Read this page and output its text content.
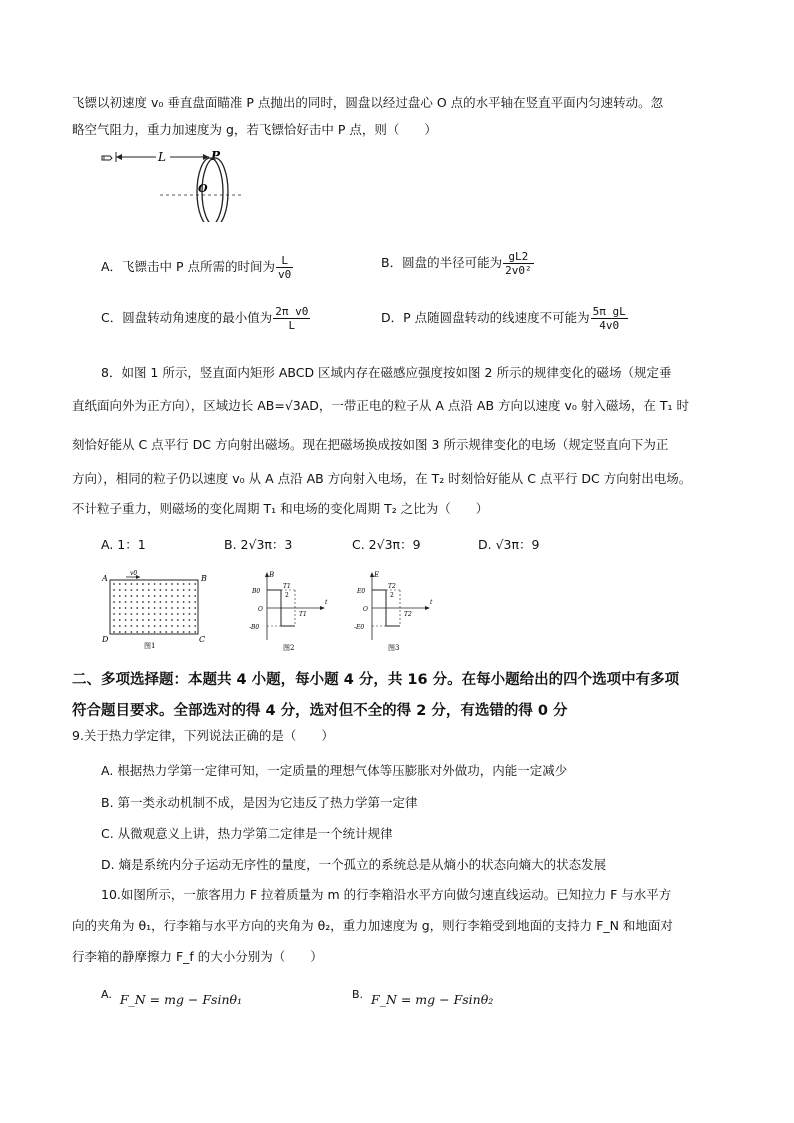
飞镖以初速度 v₀ 垂直盘面瞄准 P 点抛出的同时，圆盘以经过盘心 O 点的水平轴在竖直平面内匀速转动。忽
略空气阻力，重力加速度为 g，若飞镖恰好击中 P 点，则（　　）
L	P
O
A．飞镖击中 P 点所需的时间为 $\frac{L}{v0}$	B．圆盘的半径可能为 $\frac{gL2}{\text{2v0²}}$
C．圆盘转动角速度的最小值为 $\frac{\text{2π v0}}{L}$	D．P 点随圆盘转动的线速度不可能为 $\frac{\text{5π gL}}{4v0}$
8．如图 1 所示，竖直面内矩形 ABCD 区域内存在磁感应强度按如图 2 所示的规律变化的磁场（规定垂
直纸面向外为正方向），区域边长 AB=√3AD，一带正电的粒子从 A 点沿 AB 方向以速度 v₀ 射入磁场，在 T₁ 时
刻恰好能从 C 点平行 DC 方向射出磁场。现在把磁场换成按如图 3 所示规律变化的电场（规定竖直向下为正
方向），相同的粒子仍以速度 v₀ 从 A 点沿 AB 方向射入电场，在 T₂ 时刻恰好能从 C 点平行 DC 方向射出电场。
不计粒子重力，则磁场的变化周期 T₁ 和电场的变化周期 T₂ 之比为（　　）
A. 1：1	B. 2√3π：3	C. 2√3π：9	D. √3π：9
A	B
D	C
v0
图1
B
B0
O
-B0
T1
2
T1
t
图2
E
E0
O
-E0
T2
2
T2
t
图3
二、多项选择题：本题共 4 小题，每小题 4 分，共 16 分。在每小题给出的四个选项中有多项
符合题目要求。全部选对的得 4 分，选对但不全的得 2 分，有选错的得 0 分
9.关于热力学定律，下列说法正确的是（　　）
A. 根据热力学第一定律可知，一定质量的理想气体等压膨胀对外做功，内能一定减少
B. 第一类永动机制不成，是因为它违反了热力学第一定律
C. 从微观意义上讲，热力学第二定律是一个统计规律
D. 熵是系统内分子运动无序性的量度，一个孤立的系统总是从熵小的状态向熵大的状态发展
10.如图所示，一旅客用力 F 拉着质量为 m 的行李箱沿水平方向做匀速直线运动。已知拉力 F 与水平方
向的夹角为 θ₁，行李箱与水平方向的夹角为 θ₂，重力加速度为 g，则行李箱受到地面的支持力 F_N 和地面对
行李箱的静摩擦力 F_f 的大小分别为（　　）
A. F_N = mg − Fsinθ₁	B. F_N = mg − Fsinθ₂
